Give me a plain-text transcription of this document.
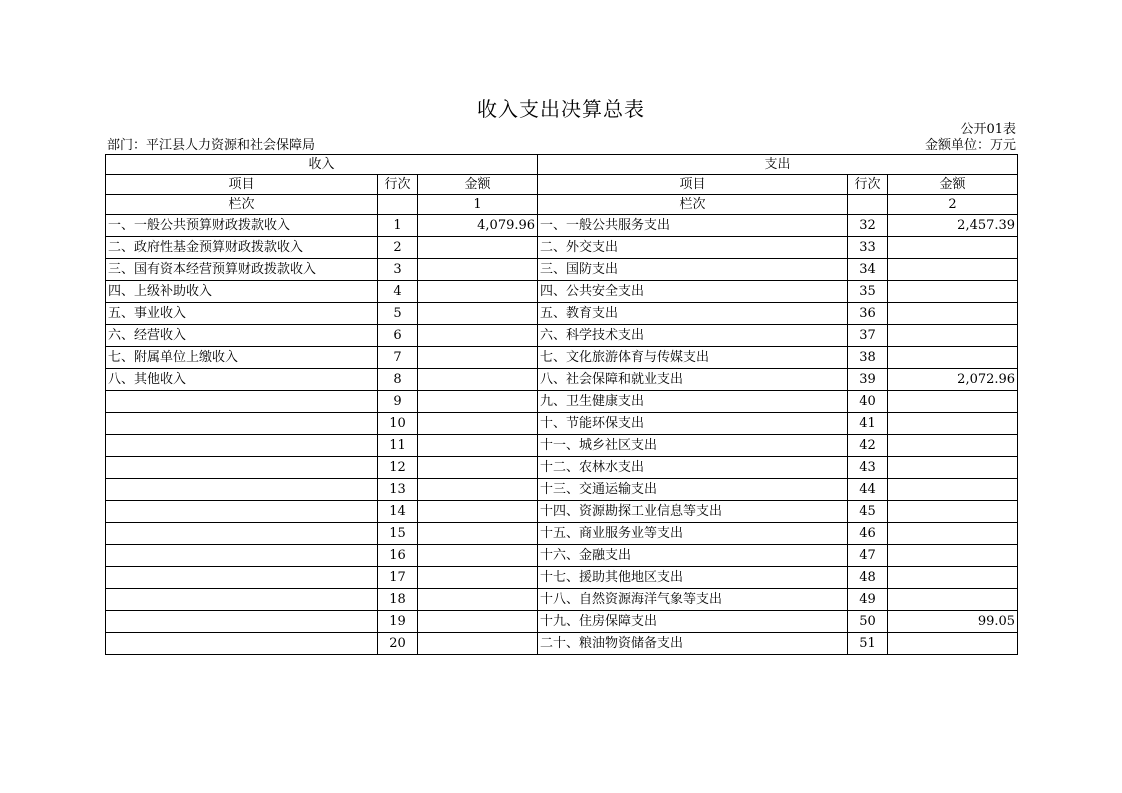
收入支出决算总表
公开01表
部门：平江县人力资源和社会保障局	金额单位：万元
收入			支出		
项目	行次	金额	项目	行次	金额
栏次		1	栏次		2
一、一般公共预算财政拨款收入	1	4,079.96	一、一般公共服务支出	32	2,457.39
二、政府性基金预算财政拨款收入	2		二、外交支出	33	
三、国有资本经营预算财政拨款收入	3		三、国防支出	34	
四、上级补助收入	4		四、公共安全支出	35	
五、事业收入	5		五、教育支出	36	
六、经营收入	6		六、科学技术支出	37	
七、附属单位上缴收入	7		七、文化旅游体育与传媒支出	38	
八、其他收入	8		八、社会保障和就业支出	39	2,072.96
	9		九、卫生健康支出	40	
	10		十、节能环保支出	41	
	11		十一、城乡社区支出	42	
	12		十二、农林水支出	43	
	13		十三、交通运输支出	44	
	14		十四、资源勘探工业信息等支出	45	
	15		十五、商业服务业等支出	46	
	16		十六、金融支出	47	
	17		十七、援助其他地区支出	48	
	18		十八、自然资源海洋气象等支出	49	
	19		十九、住房保障支出	50	99.05
	20		二十、粮油物资储备支出	51	
